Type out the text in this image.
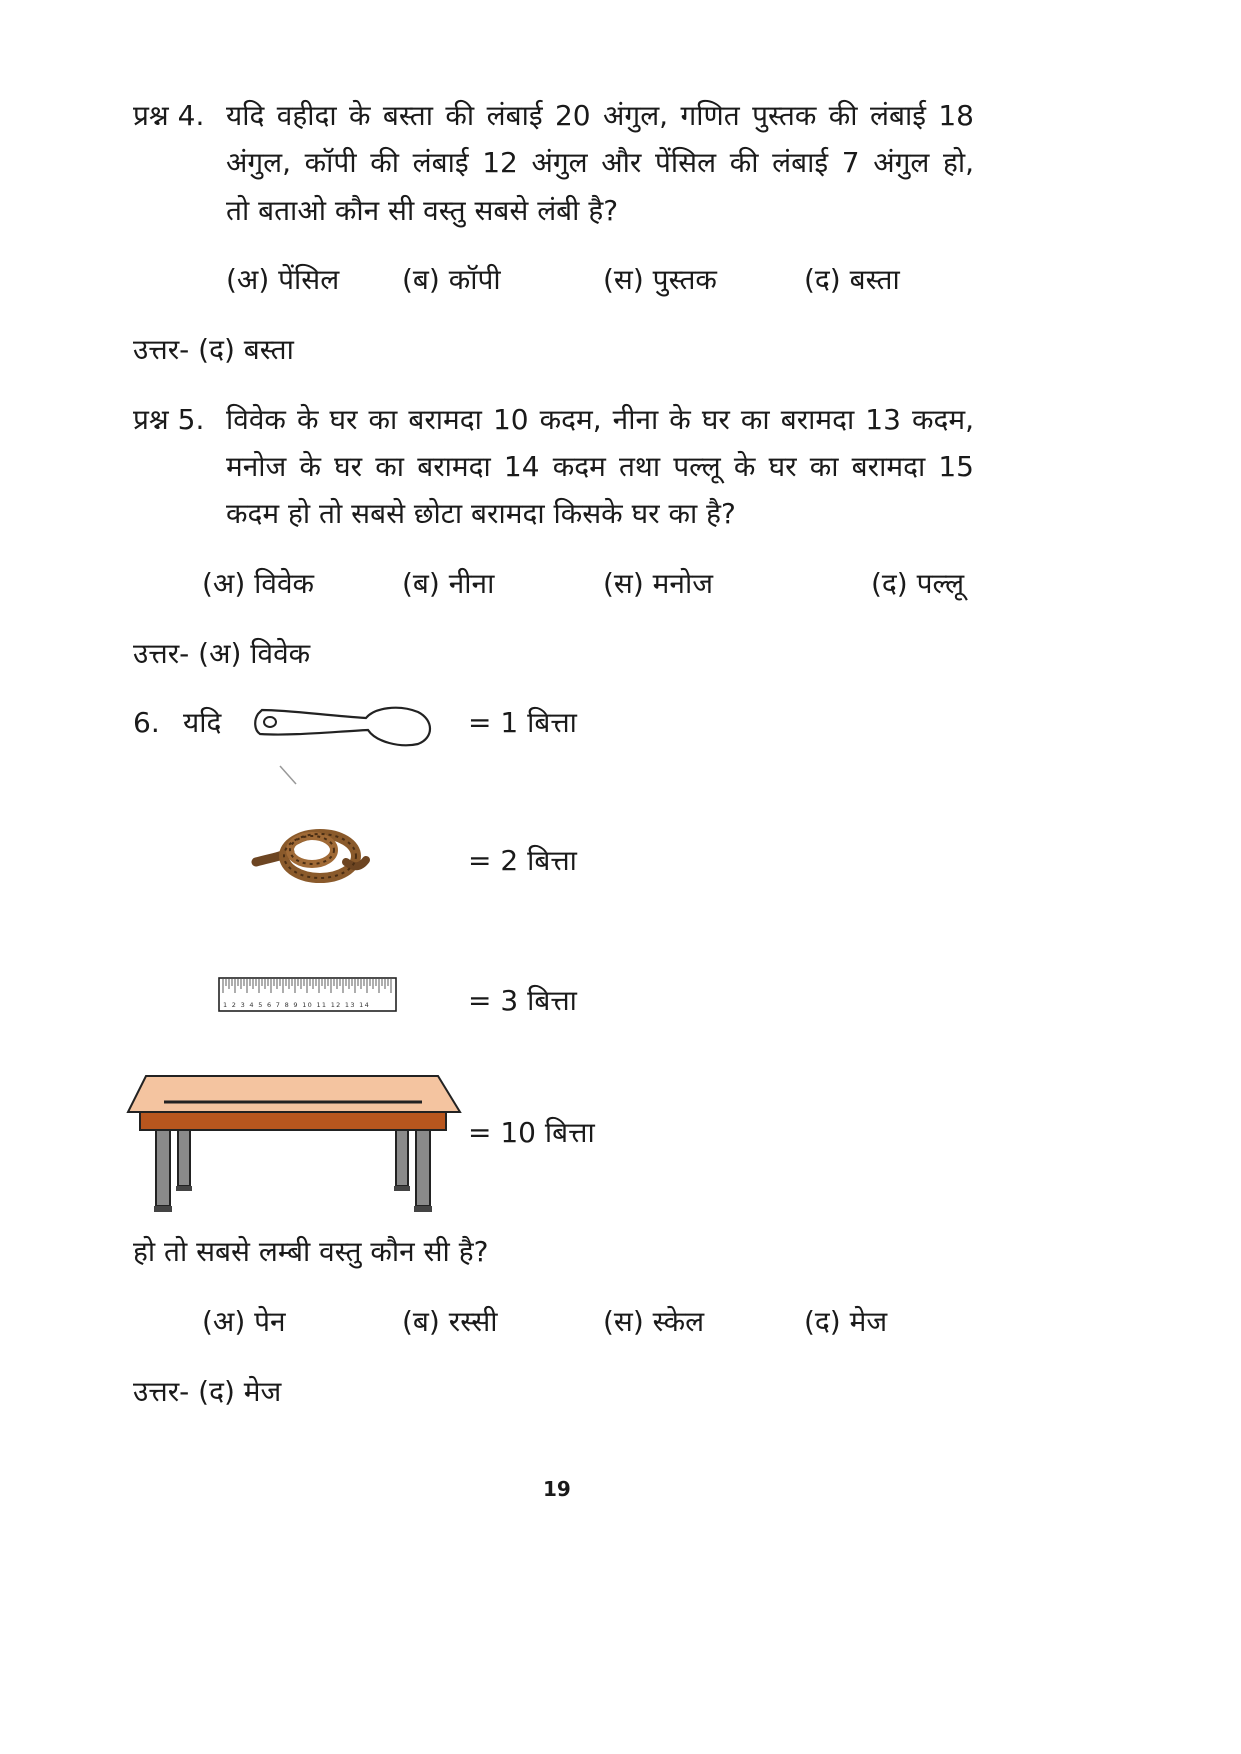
प्रश्न 4. यदि वहीदा के बस्ता की लंबाई 20 अंगुल, गणित पुस्तक की लंबाई 18
अंगुल, कॉपी की लंबाई 12 अंगुल और पेंसिल की लंबाई 7 अंगुल हो,
तो बताओ कौन सी वस्तु सबसे लंबी है?
(अ) पेंसिल (ब) कॉपी	(स) पुस्तक	(द) बस्ता
उत्तर- (द) बस्ता
प्रश्न 5. विवेक के घर का बरामदा 10 कदम, नीना के घर का बरामदा 13 कदम,
मनोज के घर का बरामदा 14 कदम तथा पल्लू के घर का बरामदा 15
कदम हो तो सबसे छोटा बरामदा किसके घर का है?
(अ) विवेक	(ब) नीना	(स) मनोज	(द) पल्लू
उत्तर- (अ) विवेक
6. यदि	= 1 बित्ता
= 2 बित्ता
1 2 3 4 5 6 7 8 9 10 11 12 13 14	= 3 बित्ता
= 10 बित्ता
हो तो सबसे लम्बी वस्तु कौन सी है?
(अ) पेन	(ब) रस्सी	(स) स्केल	(द) मेज
उत्तर- (द) मेज
19
